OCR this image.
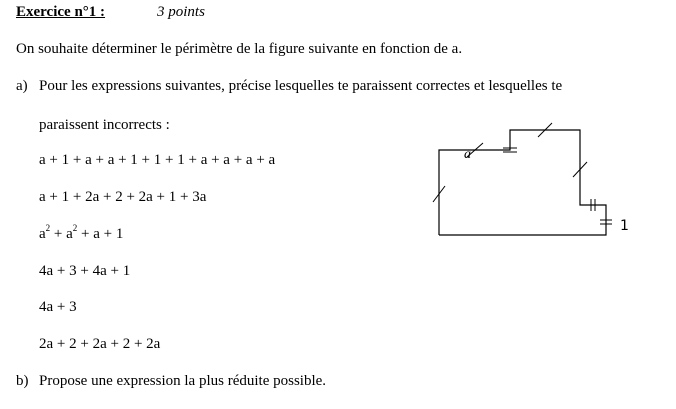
Exercice n°1 :	3 points
On souhaite déterminer le périmètre de la figure suivante en fonction de a.
a) Pour les expressions suivantes, précise lesquelles te paraissent correctes et lesquelles te
paraissent incorrects :
a + 1 + a + a + 1 + 1 + 1 + a + a + a + a
a + 1 + 2a + 2 + 2a + 1 + 3a
$a^2 + a^2 + a + 1$
4a + 3 + 4a + 1
4a + 3
2a + 2 + 2a + 2 + 2a
b) Propose une expression la plus réduite possible.
a
1
